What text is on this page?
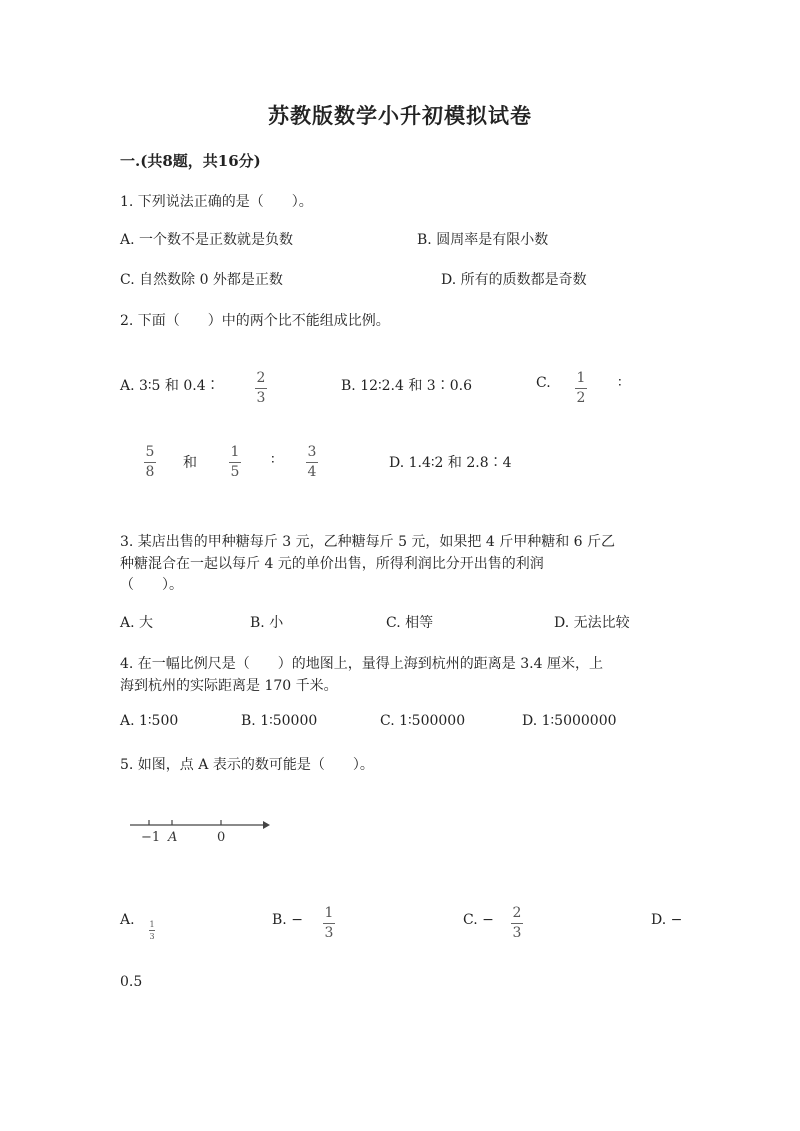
苏教版数学小升初模拟试卷
一.(共8题，共16分)
1. 下列说法正确的是（　　）。
A. 一个数不是正数就是负数	B. 圆周率是有限小数
C. 自然数除 0 外都是正数	D. 所有的质数都是奇数
2. 下面（　　）中的两个比不能组成比例。
A. 3∶5 和 0.4∶	2
3
B. 12∶2.4 和 3∶0.6	C. 1
2
∶
5
8
和
1
5
∶ 3
4
D. 1.4∶2 和 2.8∶4
3. 某店出售的甲种糖每斤 3 元，乙种糖每斤 5 元，如果把 4 斤甲种糖和 6 斤乙
种糖混合在一起以每斤 4 元的单价出售，所得利润比分开出售的利润
（　　）。
A. 大	B. 小	C. 相等	D. 无法比较
4. 在一幅比例尺是（　　）的地图上，量得上海到杭州的距离是 3.4 厘米，上
海到杭州的实际距离是 170 千米。
A. 1∶500	B. 1∶50000	C. 1∶500000	D. 1∶5000000
5. 如图，点 A 表示的数可能是（　　）。
−1 A	0
A. 1
3
B. − 1
3
C. − 2
3
D. −
0.5
